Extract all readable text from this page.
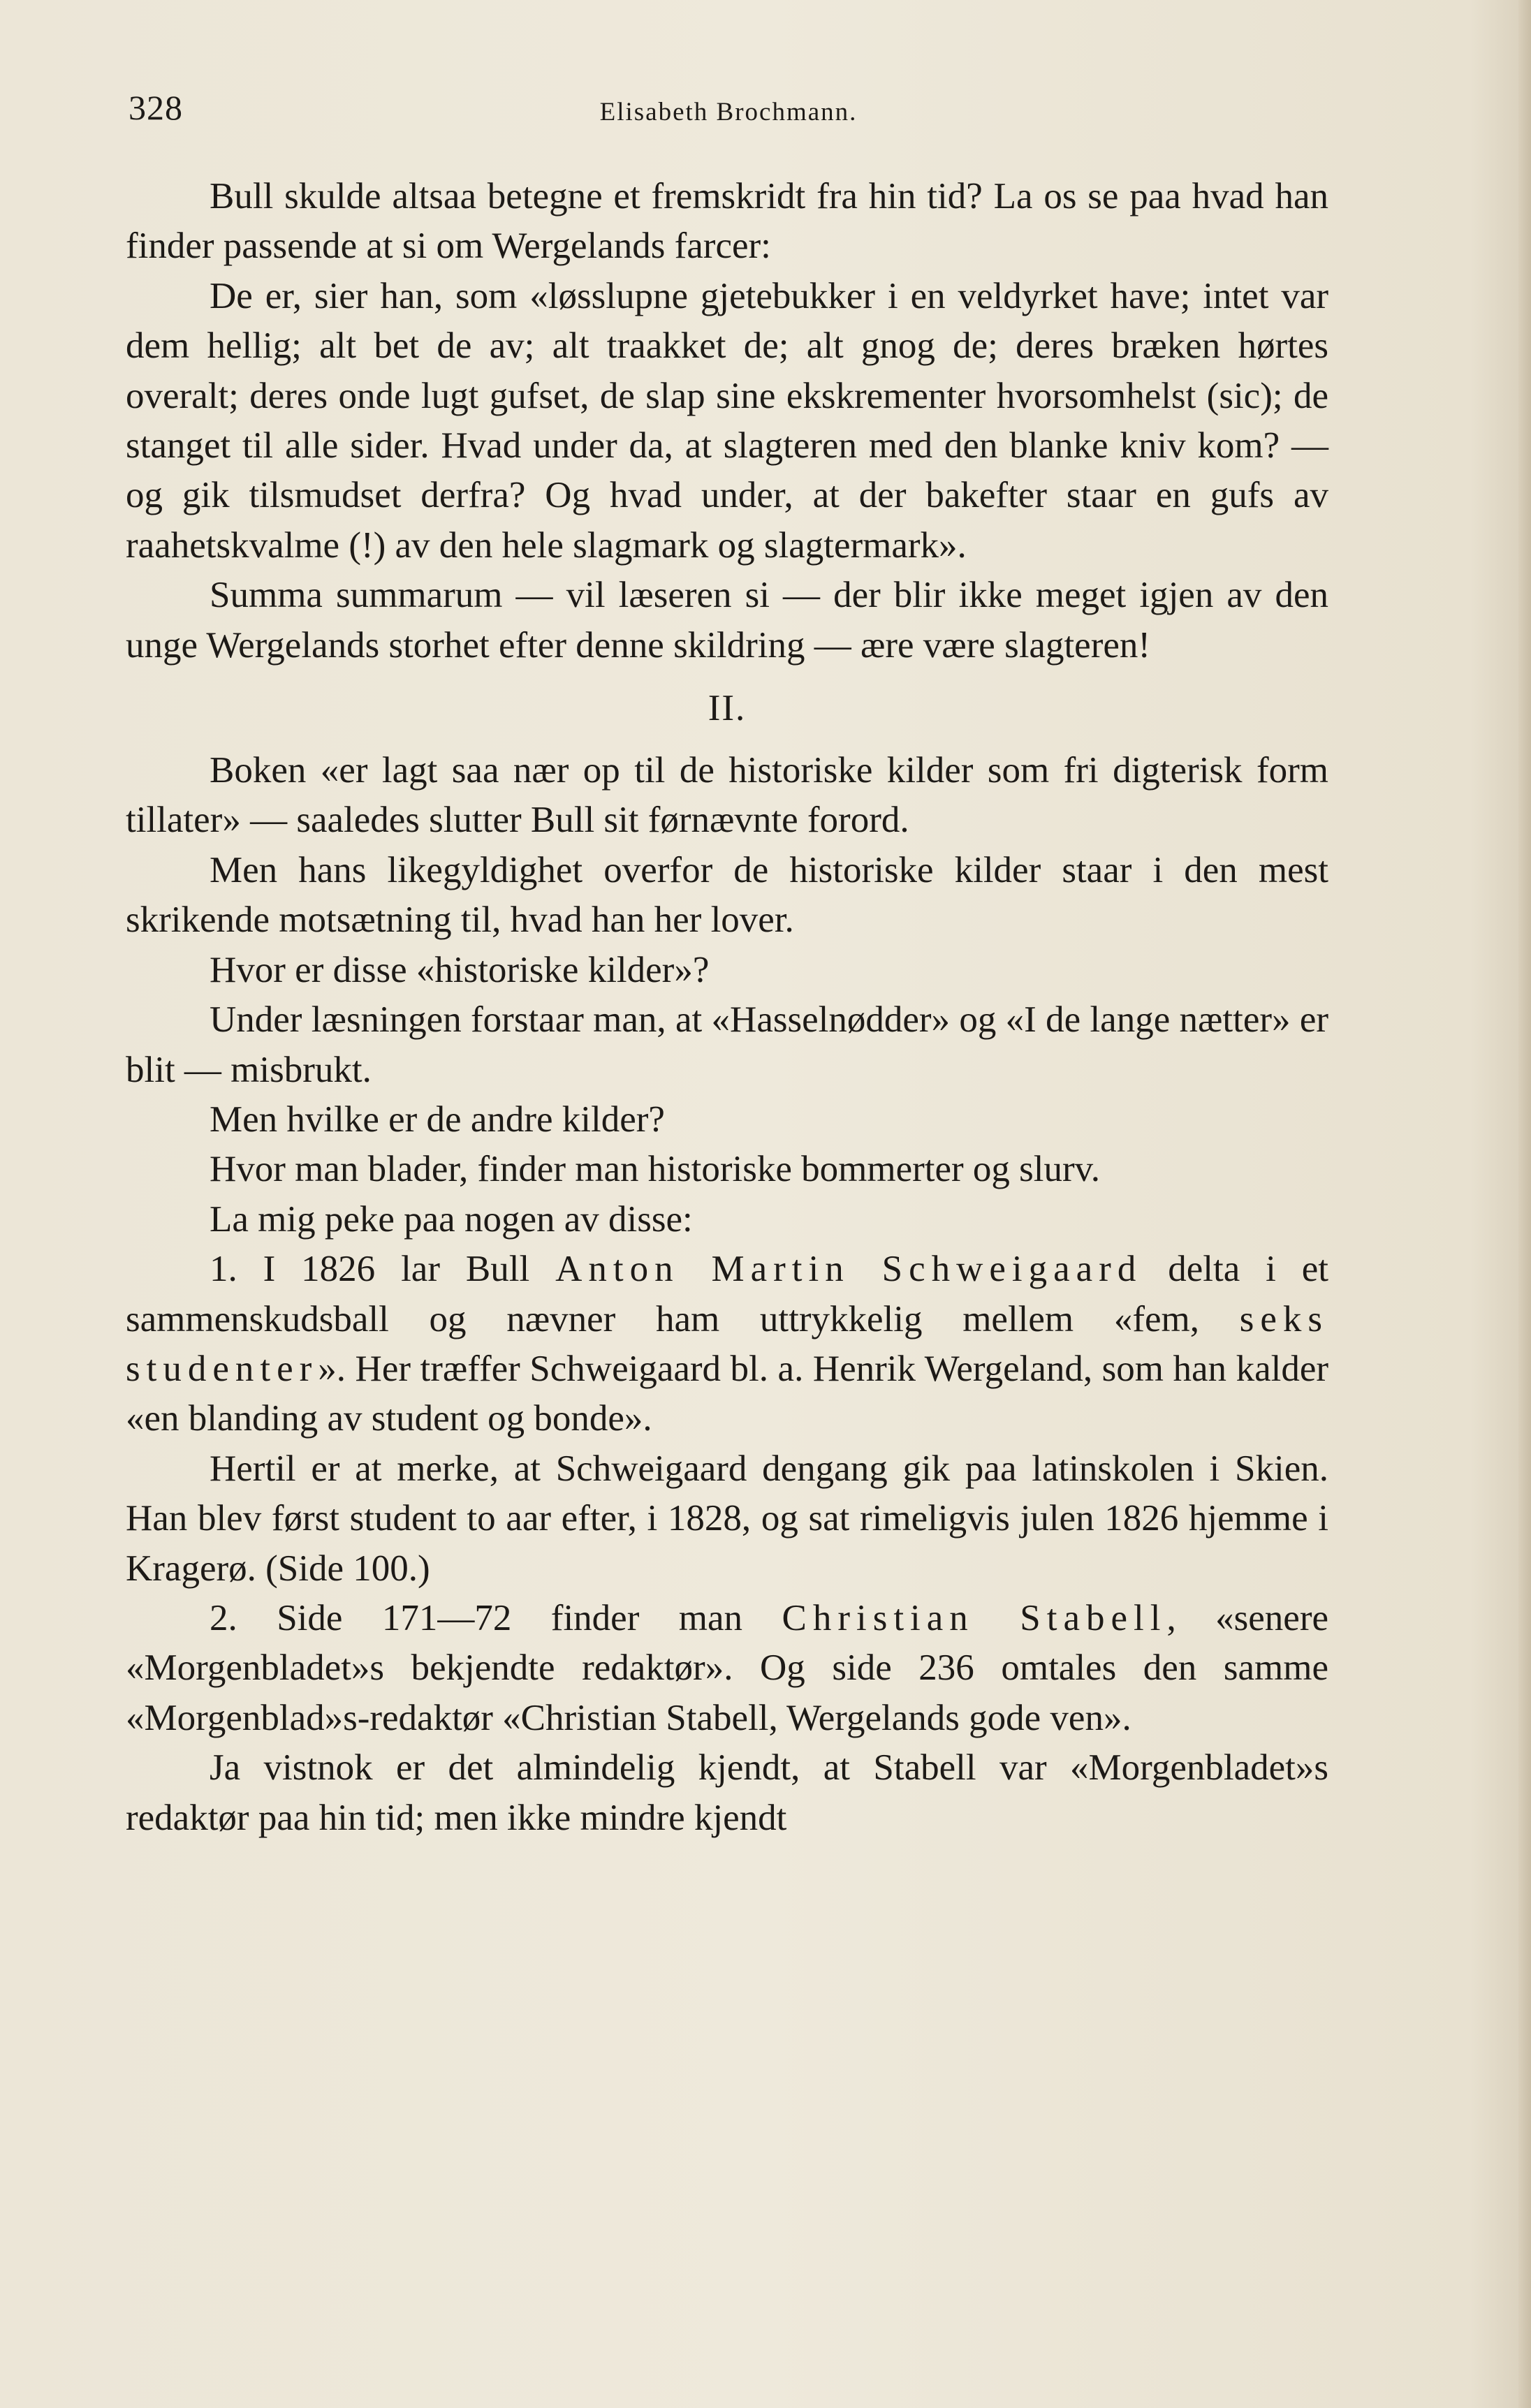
328	Elisabeth Brochmann.

Bull skulde altsaa betegne et fremskridt fra hin tid? La os se paa hvad han finder passende at si om Wergelands farcer:

De er, sier han, som «løsslupne gjetebukker i en veldyrket have; intet var dem hellig; alt bet de av; alt traakket de; alt gnog de; deres bræken hørtes overalt; deres onde lugt gufset, de slap sine ekskrementer hvorsomhelst (sic); de stanget til alle sider. Hvad under da, at slagteren med den blanke kniv kom? — og gik tilsmudset derfra? Og hvad under, at der bakefter staar en gufs av raahetskvalme (!) av den hele slagmark og slagtermark».

Summa summarum — vil læseren si — der blir ikke meget igjen av den unge Wergelands storhet efter denne skildring — ære være slagteren!

II.

Boken «er lagt saa nær op til de historiske kilder som fri digterisk form tillater» — saaledes slutter Bull sit førnævnte forord.

Men hans likegyldighet overfor de historiske kilder staar i den mest skrikende motsætning til, hvad han her lover.

Hvor er disse «historiske kilder»?

Under læsningen forstaar man, at «Hasselnødder» og «I de lange nætter» er blit — misbrukt.

Men hvilke er de andre kilder?

Hvor man blader, finder man historiske bommerter og slurv.

La mig peke paa nogen av disse:

1. I 1826 lar Bull Anton Martin Schweigaard delta i et sammenskudsball og nævner ham uttrykkelig mellem «fem, seks studenter». Her træffer Schweigaard bl. a. Henrik Wergeland, som han kalder «en blanding av student og bonde».

Hertil er at merke, at Schweigaard dengang gik paa latinskolen i Skien. Han blev først student to aar efter, i 1828, og sat rimeligvis julen 1826 hjemme i Kragerø. (Side 100.)

2. Side 171—72 finder man Christian Stabell, «senere «Morgenbladet»s bekjendte redaktør». Og side 236 omtales den samme «Morgenblad»s-redaktør «Christian Stabell, Wergelands gode ven».

Ja vistnok er det almindelig kjendt, at Stabell var «Morgenbladet»s redaktør paa hin tid; men ikke mindre kjendt
